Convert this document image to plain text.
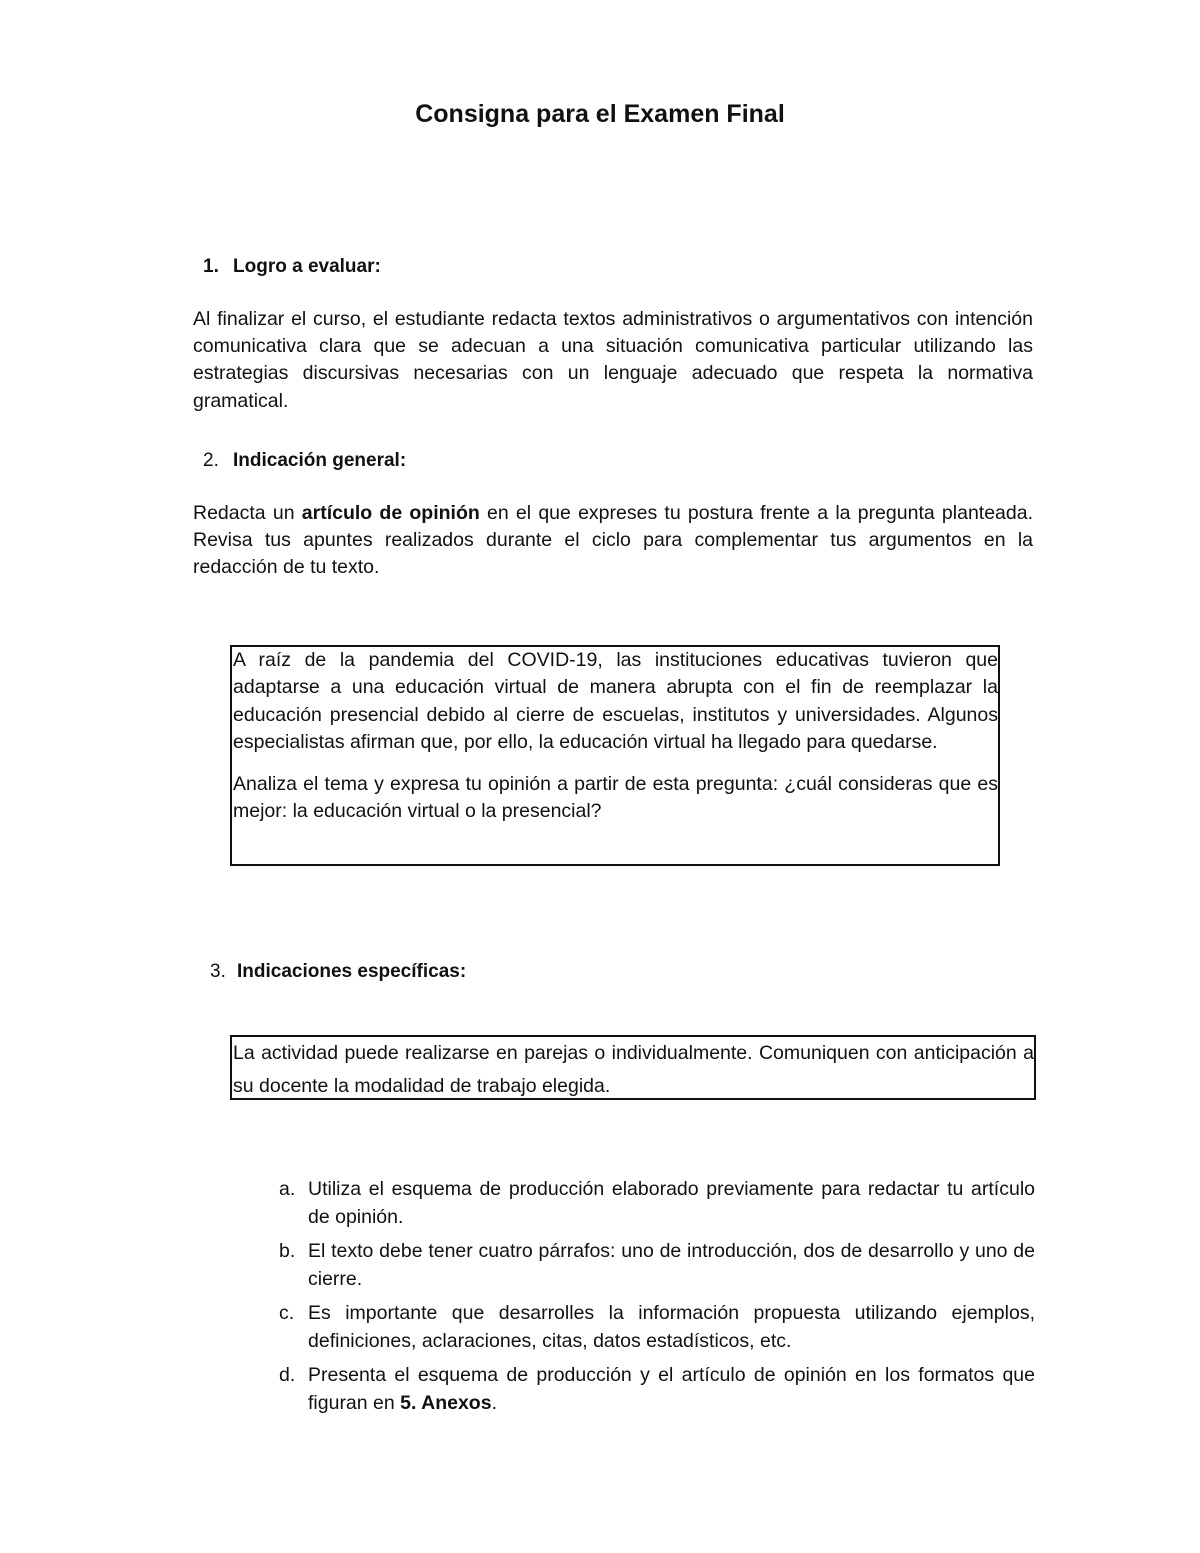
Consigna para el Examen Final
1. Logro a evaluar:

Al finalizar el curso, el estudiante redacta textos administrativos o argumentativos con intención comunicativa clara que se adecuan a una situación comunicativa particular utilizando las estrategias discursivas necesarias con un lenguaje adecuado que respeta la normativa gramatical.

2. Indicación general:

Redacta un artículo de opinión en el que expreses tu postura frente a la pregunta planteada. Revisa tus apuntes realizados durante el ciclo para complementar tus argumentos en la redacción de tu texto.

A raíz de la pandemia del COVID-19, las instituciones educativas tuvieron que adaptarse a una educación virtual de manera abrupta con el fin de reemplazar la educación presencial debido al cierre de escuelas, institutos y universidades. Algunos especialistas afirman que, por ello, la educación virtual ha llegado para quedarse.

Analiza el tema y expresa tu opinión a partir de esta pregunta: ¿cuál consideras que es mejor: la educación virtual o la presencial?

3. Indicaciones específicas:

La actividad puede realizarse en parejas o individualmente. Comuniquen con anticipación a su docente la modalidad de trabajo elegida.

a. Utiliza el esquema de producción elaborado previamente para redactar tu artículo de opinión.
b. El texto debe tener cuatro párrafos: uno de introducción, dos de desarrollo y uno de cierre.
c. Es importante que desarrolles la información propuesta utilizando ejemplos, definiciones, aclaraciones, citas, datos estadísticos, etc.
d. Presenta el esquema de producción y el artículo de opinión en los formatos que figuran en 5. Anexos.
